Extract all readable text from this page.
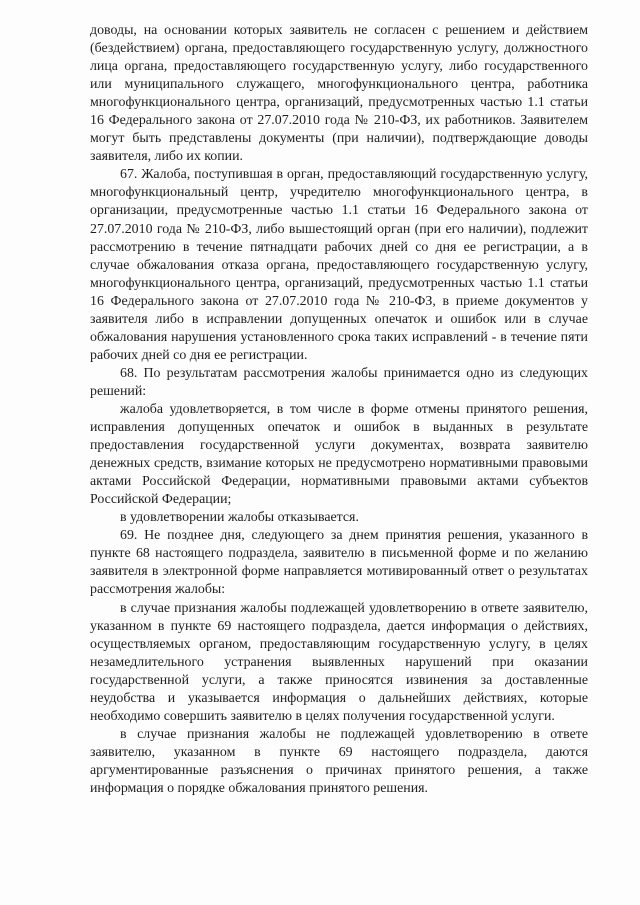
доводы, на основании которых заявитель не согласен с решением и действием (бездействием) органа, предоставляющего государственную услугу, должностного лица органа, предоставляющего государственную услугу, либо государственного или муниципального служащего, многофункционального центра, работника многофункционального центра, организаций, предусмотренных частью 1.1 статьи 16 Федерального закона от 27.07.2010 года № 210-ФЗ, их работников. Заявителем могут быть представлены документы (при наличии), подтверждающие доводы заявителя, либо их копии.

67. Жалоба, поступившая в орган, предоставляющий государственную услугу, многофункциональный центр, учредителю многофункционального центра, в организации, предусмотренные частью 1.1 статьи 16 Федерального закона от 27.07.2010 года № 210-ФЗ, либо вышестоящий орган (при его наличии), подлежит рассмотрению в течение пятнадцати рабочих дней со дня ее регистрации, а в случае обжалования отказа органа, предоставляющего государственную услугу, многофункционального центра, организаций, предусмотренных частью 1.1 статьи 16 Федерального закона от 27.07.2010 года № 210-ФЗ, в приеме документов у заявителя либо в исправлении допущенных опечаток и ошибок или в случае обжалования нарушения установленного срока таких исправлений - в течение пяти рабочих дней со дня ее регистрации.

68. По результатам рассмотрения жалобы принимается одно из следующих решений:

жалоба удовлетворяется, в том числе в форме отмены принятого решения, исправления допущенных опечаток и ошибок в выданных в результате предоставления государственной услуги документах, возврата заявителю денежных средств, взимание которых не предусмотрено нормативными правовыми актами Российской Федерации, нормативными правовыми актами субъектов Российской Федерации;

в удовлетворении жалобы отказывается.

69. Не позднее дня, следующего за днем принятия решения, указанного в пункте 68 настоящего подраздела, заявителю в письменной форме и по желанию заявителя в электронной форме направляется мотивированный ответ о результатах рассмотрения жалобы:

в случае признания жалобы подлежащей удовлетворению в ответе заявителю, указанном в пункте 69 настоящего подраздела, дается информация о действиях, осуществляемых органом, предоставляющим государственную услугу, в целях незамедлительного устранения выявленных нарушений при оказании государственной услуги, а также приносятся извинения за доставленные неудобства и указывается информация о дальнейших действиях, которые необходимо совершить заявителю в целях получения государственной услуги.

в случае признания жалобы не подлежащей удовлетворению в ответе заявителю, указанном в пункте 69 настоящего подраздела, даются аргументированные разъяснения о причинах принятого решения, а также информация о порядке обжалования принятого решения.
